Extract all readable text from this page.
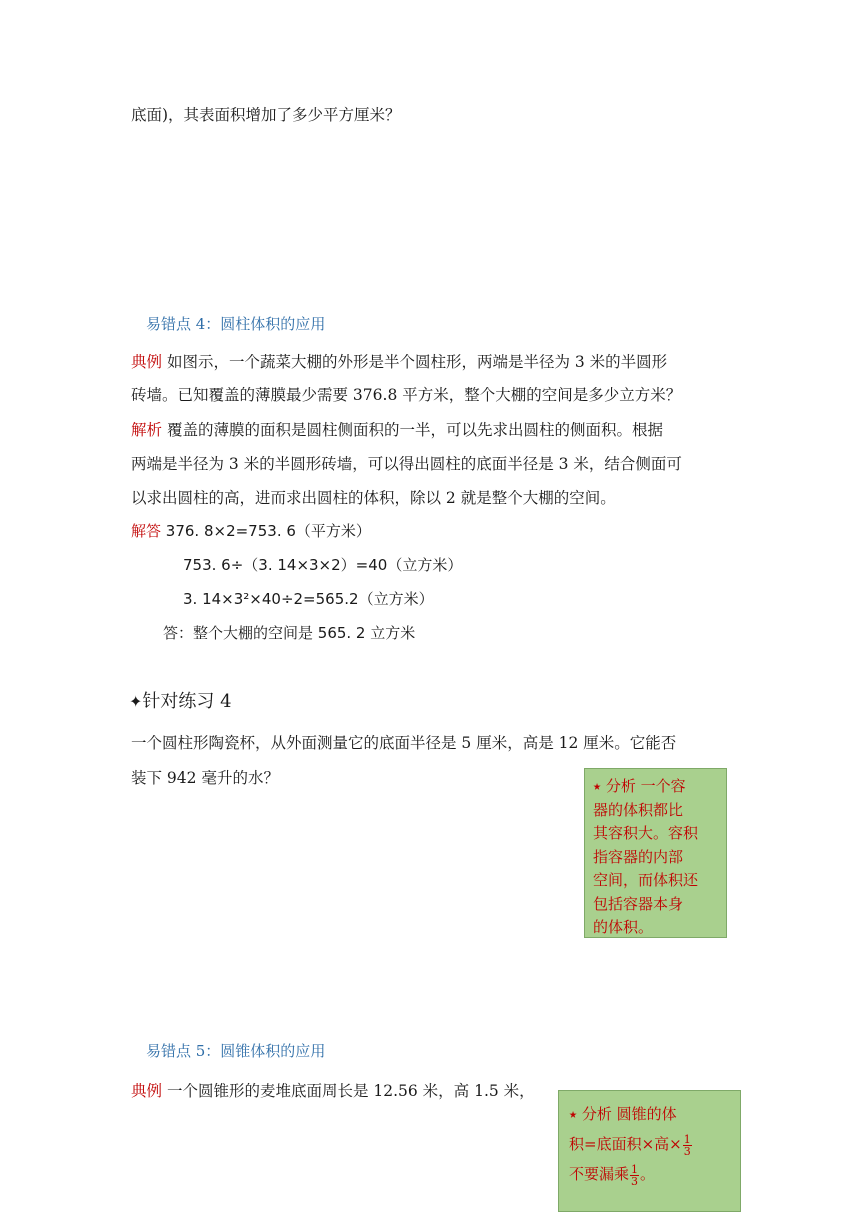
底面)，其表面积增加了多少平方厘米？
易错点 4：圆柱体积的应用
典例 如图示，一个蔬菜大棚的外形是半个圆柱形，两端是半径为 3 米的半圆形
砖墙。已知覆盖的薄膜最少需要 376.8 平方米，整个大棚的空间是多少立方米？
解析 覆盖的薄膜的面积是圆柱侧面积的一半，可以先求出圆柱的侧面积。根据
两端是半径为 3 米的半圆形砖墙，可以得出圆柱的底面半径是 3 米，结合侧面可
以求出圆柱的高，进而求出圆柱的体积，除以 2 就是整个大棚的空间。
解答 376. 8×2=753. 6（平方米）
753. 6÷（3. 14×3×2）=40（立方米）
3. 14×3²×40÷2=565.2（立方米）
答：整个大棚的空间是 565. 2 立方米
✦针对练习 4
一个圆柱形陶瓷杯，从外面测量它的底面半径是 5 厘米，高是 12 厘米。它能否
装下 942 毫升的水？	⭑ 分析 一个容
器的体积都比
其容积大。容积
指容器的内部
空间，而体积还
包括容器本身
的体积。
易错点 5：圆锥体积的应用
典例 一个圆锥形的麦堆底面周长是 12.56 米，高 1.5 米，
⭑ 分析 圆锥的体
积=底面积×高× $\frac{1}{3}$
不要漏乘 $\frac{1}{3}$ 。
